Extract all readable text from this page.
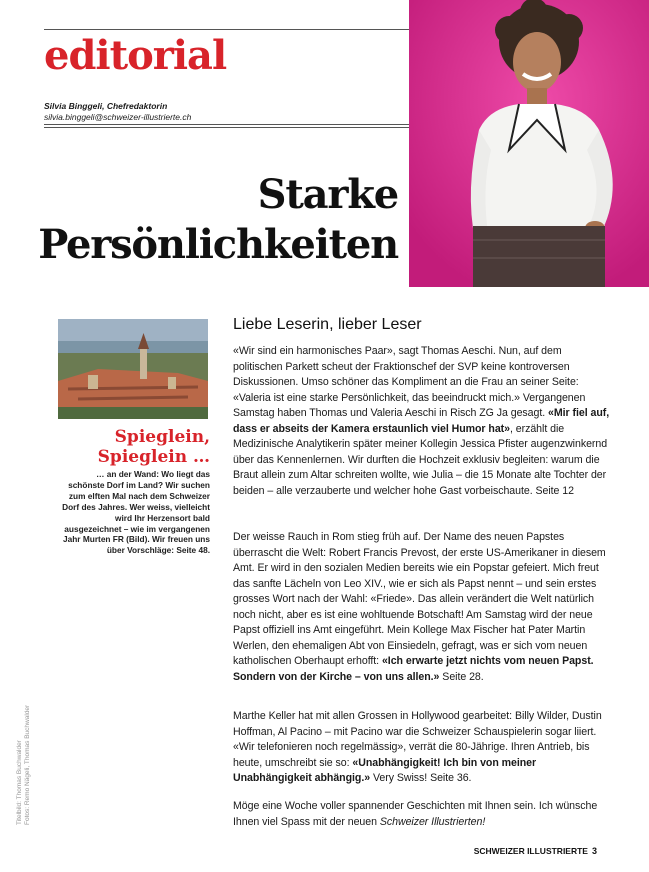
editorial
Silvia Binggeli, Chefredaktorin
silvia.binggeli@schweizer-illustrierte.ch
Starke
Persönlichkeiten
Spieglein,
Spieglein …
… an der Wand: Wo liegt das schönste Dorf im Land? Wir suchen zum elften Mal nach dem Schweizer Dorf des Jahres. Wer weiss, vielleicht wird Ihr Herzensort bald ausgezeichnet – wie im vergangenen Jahr Murten FR (Bild). Wir freuen uns über Vorschläge: Seite 48.
Liebe Leserin, lieber Leser

«Wir sind ein harmonisches Paar», sagt Thomas Aeschi. Nun, auf dem politischen Parkett scheut der Fraktionschef der SVP keine kontroversen Diskussionen. Umso schöner das Kompliment an die Frau an seiner Seite: «Valeria ist eine starke Persönlichkeit, das beeindruckt mich.» Vergangenen Samstag haben Thomas und Valeria Aeschi in Risch ZG Ja gesagt. «Mir fiel auf, dass er abseits der Kamera erstaunlich viel Humor hat», erzählt die Medizinische Analytikerin später meiner Kollegin Jessica Pfister augenzwinkernd über das Kennenlernen. Wir durften die Hochzeit exklusiv begleiten: warum die Braut allein zum Altar schreiten wollte, wie Julia – die 15 Monate alte Tochter der beiden – alle verzauberte und welcher hohe Gast vorbeischaute. Seite 12

Der weisse Rauch in Rom stieg früh auf. Der Name des neuen Papstes überrascht die Welt: Robert Francis Prevost, der erste US-Amerikaner in diesem Amt. Er wird in den sozialen Medien bereits wie ein Popstar gefeiert. Mich freut das sanfte Lächeln von Leo XIV., wie er sich als Papst nennt – und sein erstes grosses Wort nach der Wahl: «Friede». Das allein verändert die Welt natürlich noch nicht, aber es ist eine wohltuende Botschaft! Am Samstag wird der neue Papst offiziell ins Amt eingeführt. Mein Kollege Max Fischer hat Pater Martin Werlen, den ehemaligen Abt von Einsiedeln, gefragt, was er sich vom neuen katholischen Oberhaupt erhofft: «Ich erwarte jetzt nichts vom neuen Papst. Sondern von der Kirche – von uns allen.» Seite 28.

Marthe Keller hat mit allen Grossen in Hollywood gearbeitet: Billy Wilder, Dustin Hoffman, Al Pacino – mit Pacino war die Schweizer Schauspielerin sogar liiert. «Wir telefonieren noch regelmässig», verrät die 80-Jährige. Ihren Antrieb, bis heute, umschreibt sie so: «Unabhängigkeit! Ich bin von meiner Unabhängigkeit abhängig.» Very Swiss! Seite 36.

Möge eine Woche voller spannender Geschichten mit Ihnen sein. Ich wünsche Ihnen viel Spass mit der neuen Schweizer Illustrierten!

Titelbild: Thomas Buchwalder Fotos: Remo Nägeli, Thomas Buchwalder
SCHWEIZER ILLUSTRIERTE 3
